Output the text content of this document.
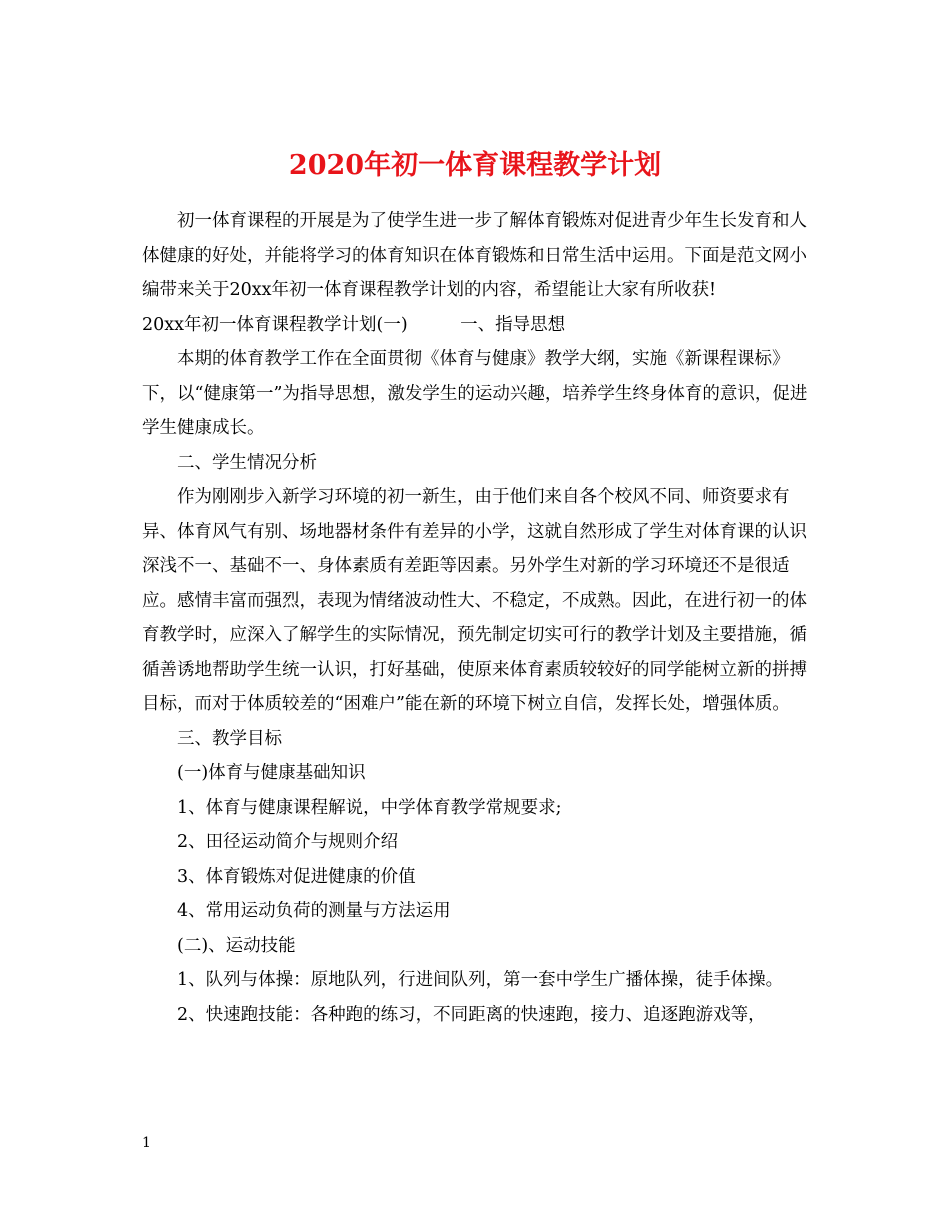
2020年初一体育课程教学计划

初一体育课程的开展是为了使学生进一步了解体育锻炼对促进青少年生长发育和人体健康的好处，并能将学习的体育知识在体育锻炼和日常生活中运用。下面是范文网小编带来关于20xx年初一体育课程教学计划的内容，希望能让大家有所收获!

20xx年初一体育课程教学计划(一)　　　一、指导思想

本期的体育教学工作在全面贯彻《体育与健康》教学大纲，实施《新课程课标》下，以“健康第一”为指导思想，激发学生的运动兴趣，培养学生终身体育的意识，促进学生健康成长。

二、学生情况分析

作为刚刚步入新学习环境的初一新生，由于他们来自各个校风不同、师资要求有异、体育风气有别、场地器材条件有差异的小学，这就自然形成了学生对体育课的认识深浅不一、基础不一、身体素质有差距等因素。另外学生对新的学习环境还不是很适应。感情丰富而强烈，表现为情绪波动性大、不稳定，不成熟。因此，在进行初一的体育教学时，应深入了解学生的实际情况，预先制定切实可行的教学计划及主要措施，循循善诱地帮助学生统一认识，打好基础，使原来体育素质较较好的同学能树立新的拼搏目标，而对于体质较差的“困难户”能在新的环境下树立自信，发挥长处，增强体质。

三、教学目标

(一)体育与健康基础知识

1、体育与健康课程解说，中学体育教学常规要求;

2、田径运动简介与规则介绍

3、体育锻炼对促进健康的价值

4、常用运动负荷的测量与方法运用

(二)、运动技能

1、队列与体操：原地队列，行进间队列，第一套中学生广播体操，徒手体操。

2、快速跑技能：各种跑的练习，不同距离的快速跑，接力、追逐跑游戏等，

1
